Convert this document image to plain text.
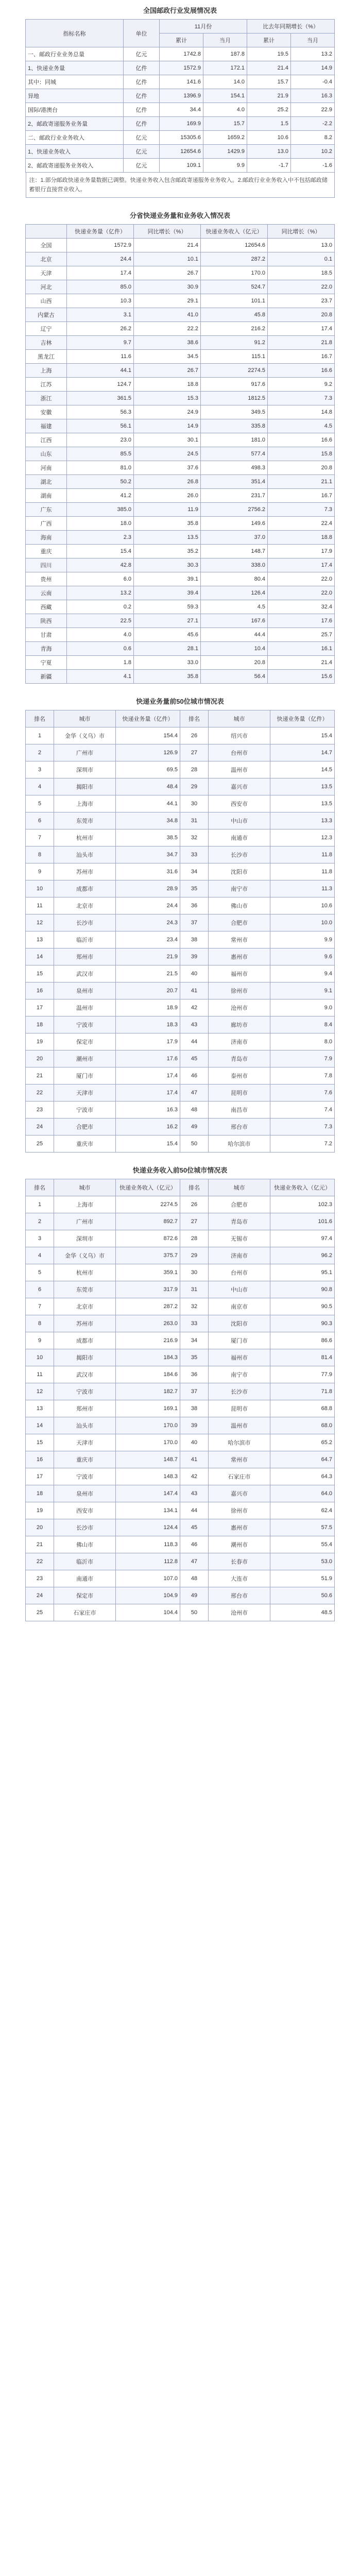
全国邮政行业发展情况表
指标名称	单位	11月份		比去年同期增长（%）	
		累计	当月	累计	当月
一、邮政行业业务总量	亿元	1742.8	187.8	19.5	13.2
1、快递业务量	亿件	1572.9	172.1	21.4	14.9
其中：同城	亿件	141.6	14.0	15.7	-0.4
异地	亿件	1396.9	154.1	21.9	16.3
国际/港澳台	亿件	34.4	4.0	25.2	22.9
2、邮政寄递服务业务量	亿件	169.9	15.7	1.5	-2.2
二、邮政行业业务收入	亿元	15305.6	1659.2	10.6	8.2
1、快递业务收入	亿元	12654.6	1429.9	13.0	10.2
2、邮政寄递服务业务收入	亿元	109.1	9.9	-1.7	-1.6
注：1.部分邮政快递业务量数据已调整。快递业务收入包含邮政寄递服务业务收入。2.邮政行业业务收入中不包括邮政储蓄银行直接营业收入。
分省快递业务量和业务收入情况表
	快递业务量（亿件）	同比增长（%）	快递业务收入（亿元）	同比增长（%）
全国	1572.9	21.4	12654.6	13.0
北京	24.4	10.1	287.2	0.1
天津	17.4	26.7	170.0	18.5
河北	85.0	30.9	524.7	22.0
山西	10.3	29.1	101.1	23.7
内蒙古	3.1	41.0	45.8	20.8
辽宁	26.2	22.2	216.2	17.4
吉林	9.7	38.6	91.2	21.8
黑龙江	11.6	34.5	115.1	16.7
上海	44.1	26.7	2274.5	16.6
江苏	124.7	18.8	917.6	9.2
浙江	361.5	15.3	1812.5	7.3
安徽	56.3	24.9	349.5	14.8
福建	56.1	14.9	335.8	4.5
江西	23.0	30.1	181.0	16.6
山东	85.5	24.5	577.4	15.8
河南	81.0	37.6	498.3	20.8
湖北	50.2	26.8	351.4	21.1
湖南	41.2	26.0	231.7	16.7
广东	385.0	11.9	2756.2	7.3
广西	18.0	35.8	149.6	22.4
海南	2.3	13.5	37.0	18.8
重庆	15.4	35.2	148.7	17.9
四川	42.8	30.3	338.0	17.4
贵州	6.0	39.1	80.4	22.0
云南	13.2	39.4	126.4	22.0
西藏	0.2	59.3	4.5	32.4
陕西	22.5	27.1	167.6	17.6
甘肃	4.0	45.6	44.4	25.7
青海	0.6	28.1	10.4	16.1
宁夏	1.8	33.0	20.8	21.4
新疆	4.1	35.8	56.4	15.6
快递业务量前50位城市情况表
排名	城市	快递业务量（亿件）	排名	城市	快递业务量（亿件）
1	金华（义乌）市	154.4	26	绍兴市	15.4
2	广州市	126.9	27	台州市	14.7
3	深圳市	69.5	28	温州市	14.5
4	揭阳市	48.4	29	嘉兴市	13.5
5	上海市	44.1	30	西安市	13.5
6	东莞市	34.8	31	中山市	13.3
7	杭州市	38.5	32	南通市	12.3
8	汕头市	34.7	33	长沙市	11.8
9	苏州市	31.6	34	沈阳市	11.8
10	成都市	28.9	35	南宁市	11.3
11	北京市	24.4	36	佛山市	10.6
12	长沙市	24.3	37	合肥市	10.0
13	临沂市	23.4	38	常州市	9.9
14	郑州市	21.9	39	惠州市	9.6
15	武汉市	21.5	40	福州市	9.4
16	泉州市	20.7	41	徐州市	9.1
17	温州市	18.9	42	沧州市	9.0
18	宁波市	18.3	43	廊坊市	8.4
19	保定市	17.9	44	济南市	8.0
20	潮州市	17.6	45	青岛市	7.9
21	厦门市	17.4	46	泰州市	7.8
22	天津市	17.4	47	昆明市	7.6
23	宁波市	16.3	48	南昌市	7.4
24	合肥市	16.2	49	邢台市	7.3
25	重庆市	15.4	50	哈尔滨市	7.2
快递业务收入前50位城市情况表
排名	城市	快递业务收入（亿元）	排名	城市	快递业务收入（亿元）
1	上海市	2274.5	26	合肥市	102.3
2	广州市	892.7	27	青岛市	101.6
3	深圳市	872.6	28	无锡市	97.4
4	金华（义乌）市	375.7	29	济南市	96.2
5	杭州市	359.1	30	台州市	95.1
6	东莞市	317.9	31	中山市	90.8
7	北京市	287.2	32	南京市	90.5
8	苏州市	263.0	33	沈阳市	90.3
9	成都市	216.9	34	厦门市	86.6
10	揭阳市	184.3	35	福州市	81.4
11	武汉市	184.6	36	南宁市	77.9
12	宁波市	182.7	37	长沙市	71.8
13	郑州市	169.1	38	昆明市	68.8
14	汕头市	170.0	39	温州市	68.0
15	天津市	170.0	40	哈尔滨市	65.2
16	重庆市	148.7	41	常州市	64.7
17	宁波市	148.3	42	石家庄市	64.3
18	泉州市	147.4	43	嘉兴市	64.0
19	西安市	134.1	44	徐州市	62.4
20	长沙市	124.4	45	惠州市	57.5
21	佛山市	118.3	46	潮州市	55.4
22	临沂市	112.8	47	长春市	53.0
23	南通市	107.0	48	大连市	51.9
24	保定市	104.9	49	邢台市	50.6
25	石家庄市	104.4	50	沧州市	48.5
